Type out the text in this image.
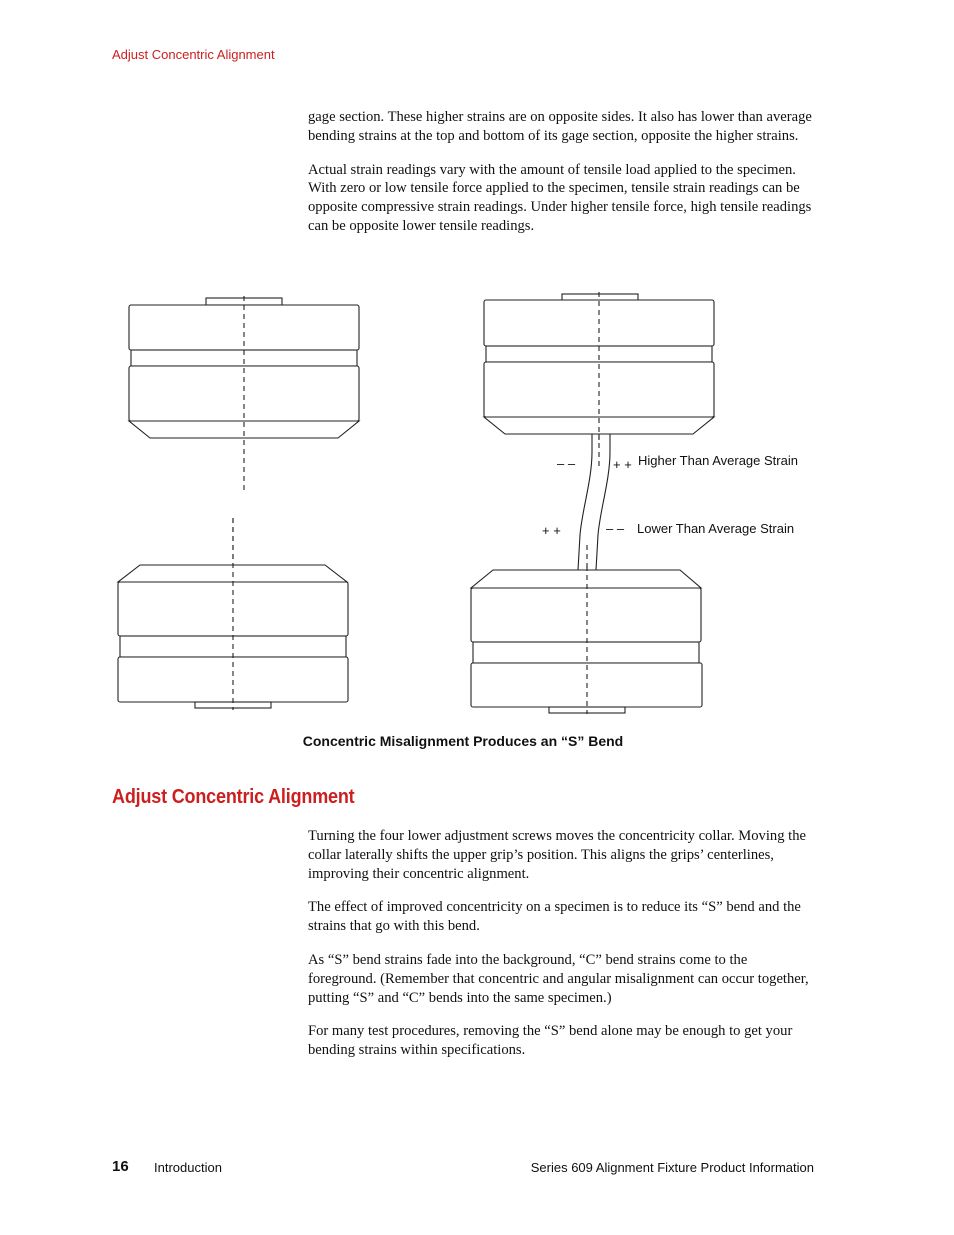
Adjust Concentric Alignment

gage section. These higher strains are on opposite sides. It also has lower than average bending strains at the top and bottom of its gage section, opposite the higher strains.

Actual strain readings vary with the amount of tensile load applied to the specimen. With zero or low tensile force applied to the specimen, tensile strain readings can be opposite compressive strain readings. Under higher tensile force, high tensile readings can be opposite lower tensile readings.

– –	+ + Higher Than Average Strain
+ +	– – Lower Than Average Strain
Concentric Misalignment Produces an “S” Bend
Adjust Concentric Alignment

Turning the four lower adjustment screws moves the concentricity collar. Moving the collar laterally shifts the upper grip’s position. This aligns the grips’ centerlines, improving their concentric alignment.

The effect of improved concentricity on a specimen is to reduce its “S” bend and the strains that go with this bend.

As “S” bend strains fade into the background, “C” bend strains come to the foreground. (Remember that concentric and angular misalignment can occur together, putting “S” and “C” bends into the same specimen.)

For many test procedures, removing the “S” bend alone may be enough to get your bending strains within specifications.

16 Introduction	Series 609 Alignment Fixture Product Information
